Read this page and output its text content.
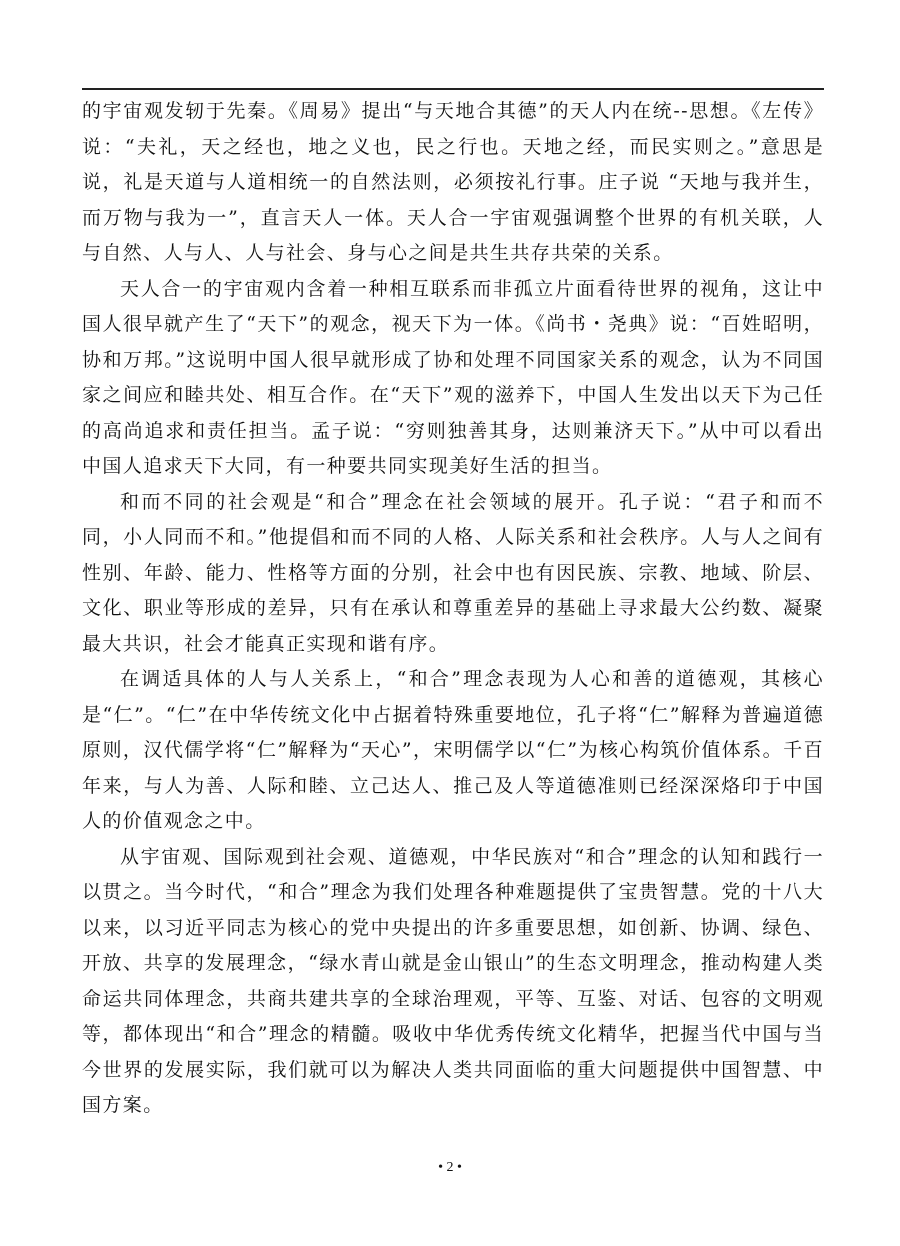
的宇宙观发轫于先秦。《周易》提出“与天地合其德”的天人内在统--思想。《左传》说：“夫礼，天之经也，地之义也，民之行也。天地之经，而民实则之。”意思是说，礼是天道与人道相统一的自然法则，必须按礼行事。庄子说 “天地与我并生，而万物与我为一”，直言天人一体。天人合一宇宙观强调整个世界的有机关联，人与自然、人与人、人与社会、身与心之间是共生共存共荣的关系。

天人合一的宇宙观内含着一种相互联系而非孤立片面看待世界的视角，这让中国人很早就产生了“天下”的观念，视天下为一体。《尚书・尧典》说：“百姓昭明，协和万邦。”这说明中国人很早就形成了协和处理不同国家关系的观念，认为不同国家之间应和睦共处、相互合作。在“天下”观的滋养下，中国人生发出以天下为己任的高尚追求和责任担当。孟子说：“穷则独善其身，达则兼济天下。”从中可以看出中国人追求天下大同，有一种要共同实现美好生活的担当。

和而不同的社会观是“和合”理念在社会领域的展开。孔子说：“君子和而不同，小人同而不和。”他提倡和而不同的人格、人际关系和社会秩序。人与人之间有性别、年龄、能力、性格等方面的分别，社会中也有因民族、宗教、地域、阶层、文化、职业等形成的差异，只有在承认和尊重差异的基础上寻求最大公约数、凝聚最大共识，社会才能真正实现和谐有序。

在调适具体的人与人关系上，“和合”理念表现为人心和善的道德观，其核心是“仁”。“仁”在中华传统文化中占据着特殊重要地位，孔子将“仁”解释为普遍道德原则，汉代儒学将“仁”解释为“天心”，宋明儒学以“仁”为核心构筑价值体系。千百年来，与人为善、人际和睦、立己达人、推己及人等道德准则已经深深烙印于中国人的价值观念之中。

从宇宙观、国际观到社会观、道德观，中华民族对“和合”理念的认知和践行一以贯之。当今时代，“和合”理念为我们处理各种难题提供了宝贵智慧。党的十八大以来，以习近平同志为核心的党中央提出的许多重要思想，如创新、协调、绿色、开放、共享的发展理念，“绿水青山就是金山银山”的生态文明理念，推动构建人类命运共同体理念，共商共建共享的全球治理观，平等、互鉴、对话、包容的文明观等，都体现出“和合”理念的精髓。吸收中华优秀传统文化精华，把握当代中国与当今世界的发展实际，我们就可以为解决人类共同面临的重大问题提供中国智慧、中国方案。

• 2 •
